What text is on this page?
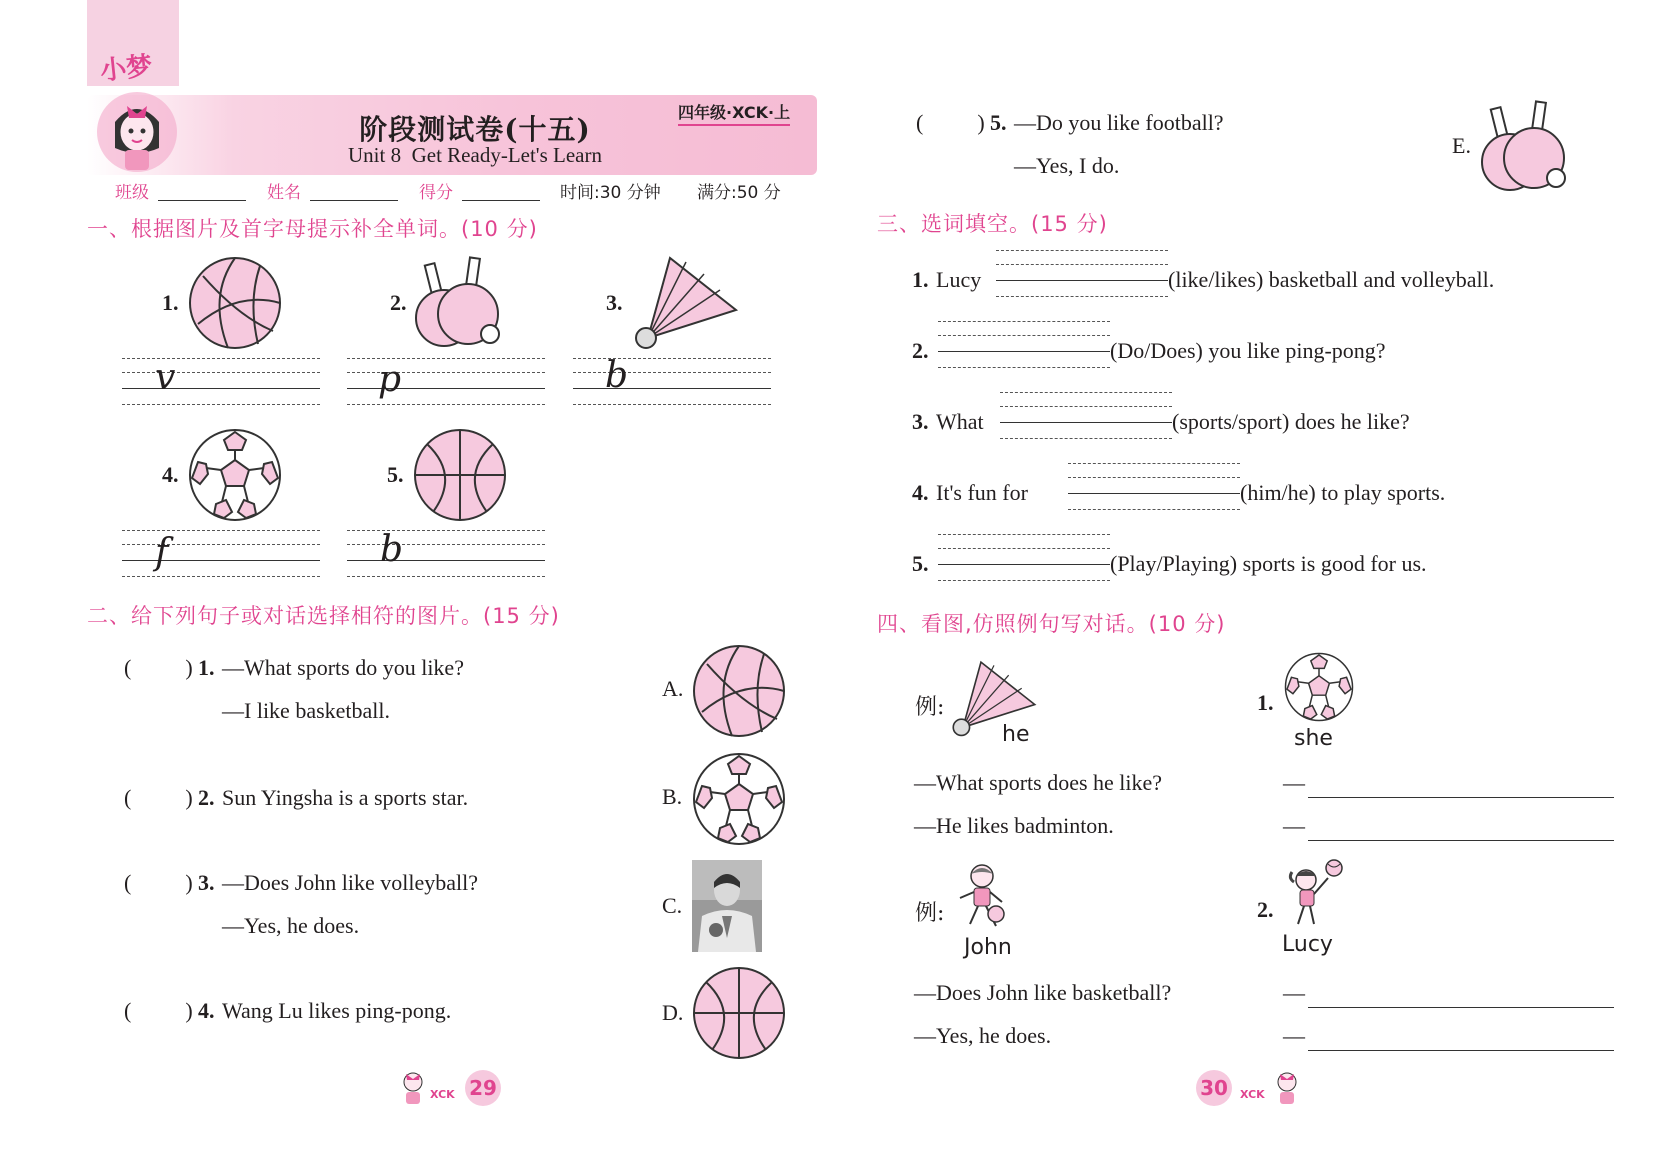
小梦
阶段测试卷(十五)
Unit 8  Get Ready-Let's Learn
四年级·XCK·上
班级	姓名	得分	时间:30 分钟 满分:50 分
一、根据图片及首字母提示补全单词。(10 分)
1.
v
2.
p
3.
b
4.
f
5.
b
二、给下列句子或对话选择相符的图片。(15 分)
( ) 1. —What sports do you like?
—I like basketball.
( ) 2. Sun Yingsha is a sports star.
( ) 3. —Does John like volleyball?
—Yes, he does.
( ) 4. Wang Lu likes ping-pong.
A.
B.
C.
D.
XCK 29
( ) 5. —Do you like football?
—Yes, I do.
E.
三、选词填空。(15 分)
1. Lucy	(like/likes) basketball and volleyball.
2.	(Do/Does) you like ping-pong?
3. What	(sports/sport) does he like?
4. It's fun for	(him/he) to play sports.
5.	(Play/Playing) sports is good for us.
四、看图,仿照例句写对话。(10 分)
例:
he
—What sports does he like?
—He likes badminton.
1.
she
—
—
例:
John
—Does John like basketball?
—Yes, he does.
2.
Lucy
—
—
30	XCK
